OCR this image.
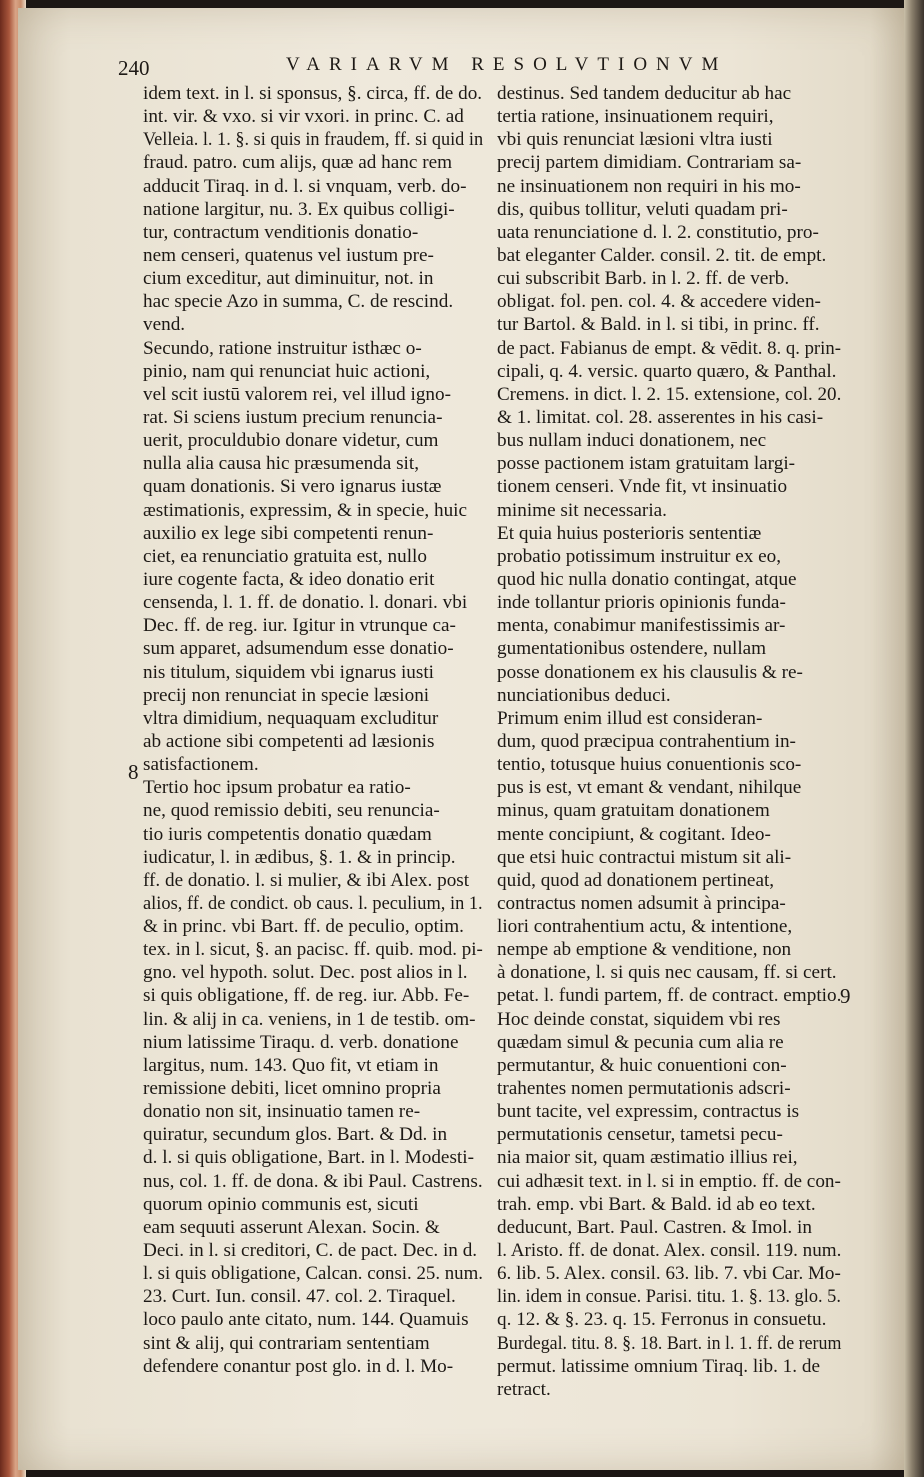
240	VARIARVM RESOLVTIONVM
8
9
idem text. in l. si sponsus, §. circa, ff. de do.
int. vir. & vxo. si vir vxori. in princ. C. ad
Velleia. l. 1. §. si quis in fraudem, ff. si quid in
fraud. patro. cum alijs, quæ ad hanc rem
adducit Tiraq. in d. l. si vnquam, verb. do-
natione largitur, nu. 3. Ex quibus colligi-
tur, contractum venditionis donatio-
nem censeri, quatenus vel iustum pre-
cium exceditur, aut diminuitur, not. in
hac specie Azo in summa, C. de rescind.
vend.
Secundo, ratione instruitur isthæc o-
pinio, nam qui renunciat huic actioni,
vel scit iustū valorem rei, vel illud igno-
rat. Si sciens iustum precium renuncia-
uerit, proculdubio donare videtur, cum
nulla alia causa hic præsumenda sit,
quam donationis. Si vero ignarus iustæ
æstimationis, expressim, & in specie, huic
auxilio ex lege sibi competenti renun-
ciet, ea renunciatio gratuita est, nullo
iure cogente facta, & ideo donatio erit
censenda, l. 1. ff. de donatio. l. donari. vbi
Dec. ff. de reg. iur. Igitur in vtrunque ca-
sum apparet, adsumendum esse donatio-
nis titulum, siquidem vbi ignarus iusti
precij non renunciat in specie læsioni
vltra dimidium, nequaquam excluditur
ab actione sibi competenti ad læsionis
satisfactionem.
Tertio hoc ipsum probatur ea ratio-
ne, quod remissio debiti, seu renuncia-
tio iuris competentis donatio quædam
iudicatur, l. in ædibus, §. 1. & in princip.
ff. de donatio. l. si mulier, & ibi Alex. post
alios, ff. de condict. ob caus. l. peculium, in 1.
& in princ. vbi Bart. ff. de peculio, optim.
tex. in l. sicut, §. an pacisc. ff. quib. mod. pi-
gno. vel hypoth. solut. Dec. post alios in l.
si quis obligatione, ff. de reg. iur. Abb. Fe-
lin. & alij in ca. veniens, in 1 de testib. om-
nium latissime Tiraqu. d. verb. donatione
largitus, num. 143. Quo fit, vt etiam in
remissione debiti, licet omnino propria
donatio non sit, insinuatio tamen re-
quiratur, secundum glos. Bart. & Dd. in
d. l. si quis obligatione, Bart. in l. Modesti-
nus, col. 1. ff. de dona. & ibi Paul. Castrens.
quorum opinio communis est, sicuti
eam sequuti asserunt Alexan. Socin. &
Deci. in l. si creditori, C. de pact. Dec. in d.
l. si quis obligatione, Calcan. consi. 25. num.
23. Curt. Iun. consil. 47. col. 2. Tiraquel.
loco paulo ante citato, num. 144. Quamuis
sint & alij, qui contrariam sententiam
defendere conantur post glo. in d. l. Mo-
destinus. Sed tandem deducitur ab hac
tertia ratione, insinuationem requiri,
vbi quis renunciat læsioni vltra iusti
precij partem dimidiam. Contrariam sa-
ne insinuationem non requiri in his mo-
dis, quibus tollitur, veluti quadam pri-
uata renunciatione d. l. 2. constitutio, pro-
bat eleganter Calder. consil. 2. tit. de empt.
cui subscribit Barb. in l. 2. ff. de verb.
obligat. fol. pen. col. 4. & accedere viden-
tur Bartol. & Bald. in l. si tibi, in princ. ff.
de pact. Fabianus de empt. & vēdit. 8. q. prin-
cipali, q. 4. versic. quarto quæro, & Panthal.
Cremens. in dict. l. 2. 15. extensione, col. 20.
& 1. limitat. col. 28. asserentes in his casi-
bus nullam induci donationem, nec
posse pactionem istam gratuitam largi-
tionem censeri. Vnde fit, vt insinuatio
minime sit necessaria.
Et quia huius posterioris sententiæ
probatio potissimum instruitur ex eo,
quod hic nulla donatio contingat, atque
inde tollantur prioris opinionis funda-
menta, conabimur manifestissimis ar-
gumentationibus ostendere, nullam
posse donationem ex his clausulis & re-
nunciationibus deduci.
Primum enim illud est consideran-
dum, quod præcipua contrahentium in-
tentio, totusque huius conuentionis sco-
pus is est, vt emant & vendant, nihilque
minus, quam gratuitam donationem
mente concipiunt, & cogitant. Ideo-
que etsi huic contractui mistum sit ali-
quid, quod ad donationem pertineat,
contractus nomen adsumit à principa-
liori contrahentium actu, & intentione,
nempe ab emptione & venditione, non
à donatione, l. si quis nec causam, ff. si cert.
petat. l. fundi partem, ff. de contract. emptio.
Hoc deinde constat, siquidem vbi res
quædam simul & pecunia cum alia re
permutantur, & huic conuentioni con-
trahentes nomen permutationis adscri-
bunt tacite, vel expressim, contractus is
permutationis censetur, tametsi pecu-
nia maior sit, quam æstimatio illius rei,
cui adhæsit text. in l. si in emptio. ff. de con-
trah. emp. vbi Bart. & Bald. id ab eo text.
deducunt, Bart. Paul. Castren. & Imol. in
l. Aristo. ff. de donat. Alex. consil. 119. num.
6. lib. 5. Alex. consil. 63. lib. 7. vbi Car. Mo-
lin. idem in consue. Parisi. titu. 1. §. 13. glo. 5.
q. 12. & §. 23. q. 15. Ferronus in consuetu.
Burdegal. titu. 8. §. 18. Bart. in l. 1. ff. de rerum
permut. latissime omnium Tiraq. lib. 1. de
retract.
